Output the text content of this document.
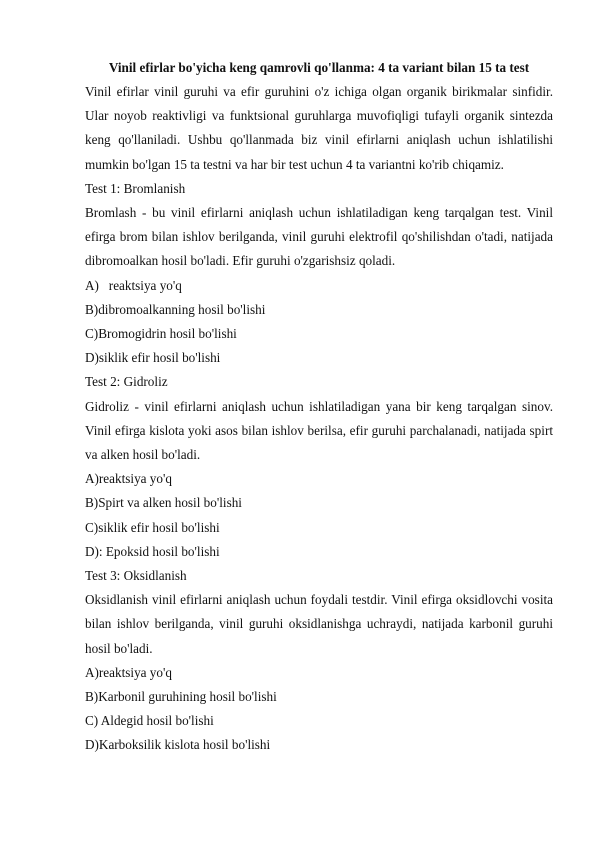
Vinil efirlar bo'yicha keng qamrovli qo'llanma: 4 ta variant bilan 15 ta test

Vinil efirlar vinil guruhi va efir guruhini o'z ichiga olgan organik birikmalar sinfidir. Ular noyob reaktivligi va funktsional guruhlarga muvofiqligi tufayli organik sintezda keng qo'llaniladi. Ushbu qo'llanmada biz vinil efirlarni aniqlash uchun ishlatilishi mumkin bo'lgan 15 ta testni va har bir test uchun 4 ta variantni ko'rib chiqamiz.

Test 1: Bromlanish

Bromlash - bu vinil efirlarni aniqlash uchun ishlatiladigan keng tarqalgan test. Vinil efirga brom bilan ishlov berilganda, vinil guruhi elektrofil qo'shilishdan o'tadi, natijada dibromoalkan hosil bo'ladi. Efir guruhi o'zgarishsiz qoladi.

A)   reaktsiya yo'q

B)dibromoalkanning hosil bo'lishi

C)Bromogidrin hosil bo'lishi

D)siklik efir hosil bo'lishi

Test 2: Gidroliz

Gidroliz - vinil efirlarni aniqlash uchun ishlatiladigan yana bir keng tarqalgan sinov. Vinil efirga kislota yoki asos bilan ishlov berilsa, efir guruhi parchalanadi, natijada spirt va alken hosil bo'ladi.

A)reaktsiya yo'q

B)Spirt va alken hosil bo'lishi

C)siklik efir hosil bo'lishi

D): Epoksid hosil bo'lishi

Test 3: Oksidlanish

Oksidlanish vinil efirlarni aniqlash uchun foydali testdir. Vinil efirga oksidlovchi vosita bilan ishlov berilganda, vinil guruhi oksidlanishga uchraydi, natijada karbonil guruhi hosil bo'ladi.

A)reaktsiya yo'q

B)Karbonil guruhining hosil bo'lishi

C) Aldegid hosil bo'lishi

D)Karboksilik kislota hosil bo'lishi
